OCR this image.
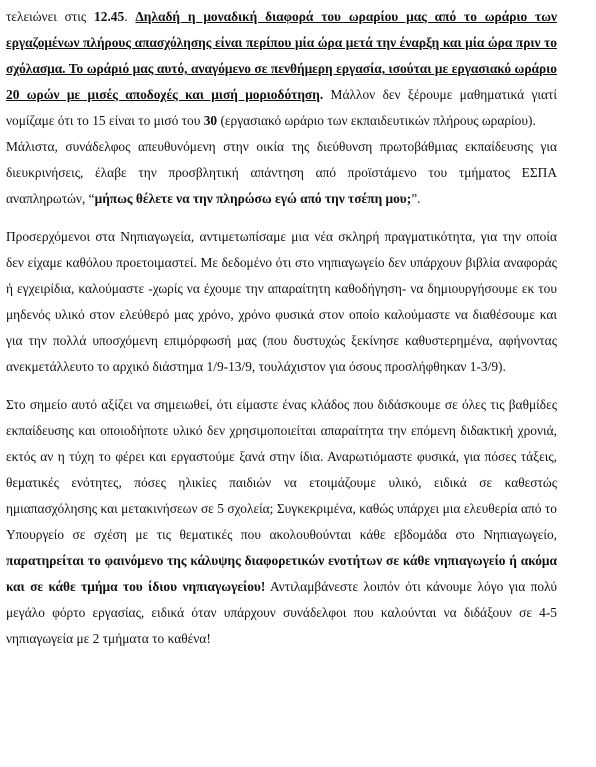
τελειώνει στις 12.45. Δηλαδή η μοναδική διαφορά του ωραρίου μας από το ωράριο των εργαζομένων πλήρους απασχόλησης είναι περίπου μία ώρα μετά την έναρξη και μία ώρα πριν το σχόλασμα. Το ωράριό μας αυτό, αναγόμενο σε πενθήμερη εργασία, ισούται με εργασιακό ωράριο 20 ωρών με μισές αποδοχές και μισή μοριοδότηση. Μάλλον δεν ξέρουμε μαθηματικά γιατί νομίζαμε ότι το 15 είναι το μισό του 30 (εργασιακό ωράριο των εκπαιδευτικών πλήρους ωραρίου).

Μάλιστα, συνάδελφος απευθυνόμενη στην οικία της διεύθυνση πρωτοβάθμιας εκπαίδευσης για διευκρινήσεις, έλαβε την προσβλητική απάντηση από προϊστάμενο του τμήματος ΕΣΠΑ αναπληρωτών, “μήπως θέλετε να την πληρώσω εγώ από την τσέπη μου;”.

Προσερχόμενοι στα Νηπιαγωγεία, αντιμετωπίσαμε μια νέα σκληρή πραγματικότητα, για την οποία δεν είχαμε καθόλου προετοιμαστεί. Με δεδομένο ότι στο νηπιαγωγείο δεν υπάρχουν βιβλία αναφοράς ή εγχειρίδια, καλούμαστε -χωρίς να έχουμε την απαραίτητη καθοδήγηση- να δημιουργήσουμε εκ του μηδενός υλικό στον ελεύθερό μας χρόνο, χρόνο φυσικά στον οποίο καλούμαστε να διαθέσουμε και για την πολλά υποσχόμενη επιμόρφωσή μας (που δυστυχώς ξεκίνησε καθυστερημένα, αφήνοντας ανεκμετάλλευτο το αρχικό διάστημα 1/9-13/9, τουλάχιστον για όσους προσλήφθηκαν 1-3/9).

Στο σημείο αυτό αξίζει να σημειωθεί, ότι είμαστε ένας κλάδος που διδάσκουμε σε όλες τις βαθμίδες εκπαίδευσης και οποιοδήποτε υλικό δεν χρησιμοποιείται απαραίτητα την επόμενη διδακτική χρονιά, εκτός αν η τύχη το φέρει και εργαστούμε ξανά στην ίδια. Αναρωτιόμαστε φυσικά, για πόσες τάξεις, θεματικές ενότητες, πόσες ηλικίες παιδιών να ετοιμάζουμε υλικό, ειδικά σε καθεστώς ημιαπασχόλησης και μετακινήσεων σε 5 σχολεία; Συγκεκριμένα, καθώς υπάρχει μια ελευθερία από το Υπουργείο σε σχέση με τις θεματικές που ακολουθούνται κάθε εβδομάδα στο Νηπιαγωγείο, παρατηρείται το φαινόμενο της κάλυψης διαφορετικών ενοτήτων σε κάθε νηπιαγωγείο ή ακόμα και σε κάθε τμήμα του ίδιου νηπιαγωγείου! Αντιλαμβάνεστε λοιπόν ότι κάνουμε λόγο για πολύ μεγάλο φόρτο εργασίας, ειδικά όταν υπάρχουν συνάδελφοι που καλούνται να διδάξουν σε 4-5 νηπιαγωγεία με 2 τμήματα το καθένα!
